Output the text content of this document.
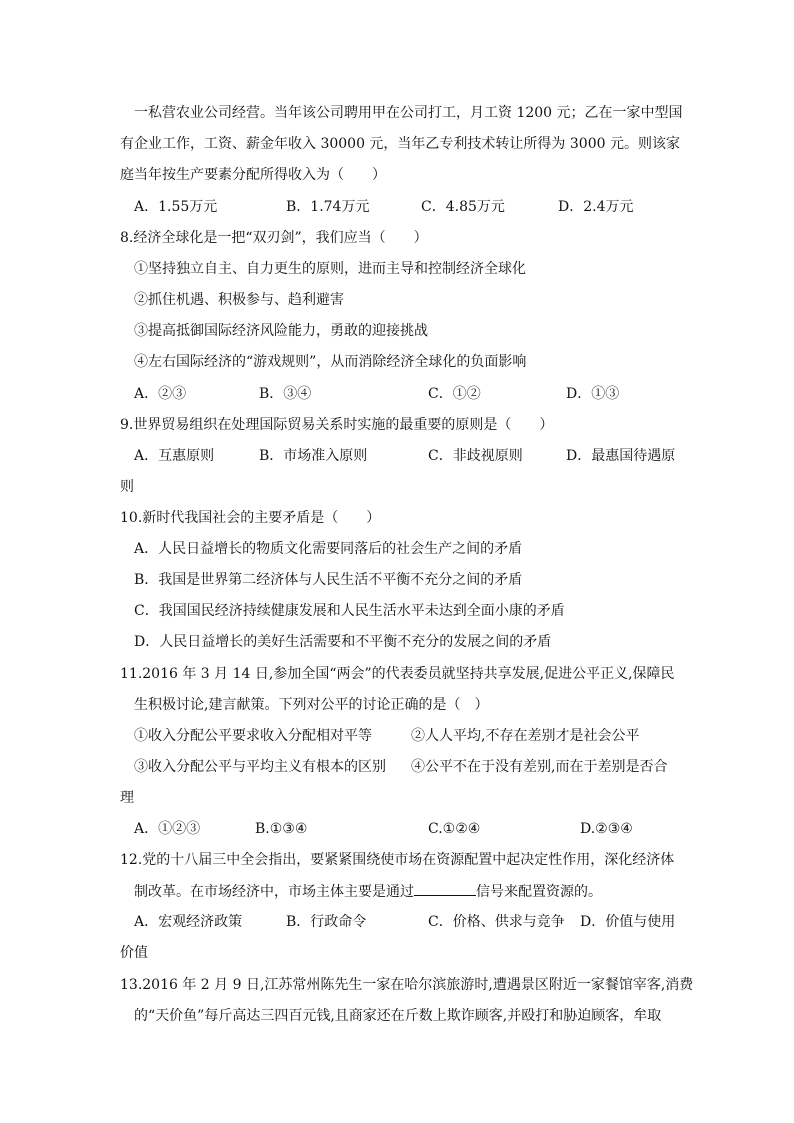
一私营农业公司经营。当年该公司聘用甲在公司打工，月工资 1200 元；乙在一家中型国
有企业工作，工资、薪金年收入 30000 元，当年乙专利技术转让所得为 3000 元。则该家
庭当年按生产要素分配所得收入为（　　）
A．1.55万元	B．1.74万元	C．4.85万元	D．2.4万元
8.经济全球化是一把“双刃剑”，我们应当（　　）
①坚持独立自主、自力更生的原则，进而主导和控制经济全球化
②抓住机遇、积极参与、趋利避害
③提高抵御国际经济风险能力，勇敢的迎接挑战
④左右国际经济的“游戏规则”，从而消除经济全球化的负面影响
A．②③	B．③④	C．①②	D．①③
9.世界贸易组织在处理国际贸易关系时实施的最重要的原则是（　　）
A．互惠原则	B．市场准入原则	C．非歧视原则	D．最惠国待遇原
则
10.新时代我国社会的主要矛盾是（　　）
A．人民日益增长的物质文化需要同落后的社会生产之间的矛盾
B．我国是世界第二经济体与人民生活不平衡不充分之间的矛盾
C．我国国民经济持续健康发展和人民生活水平未达到全面小康的矛盾
D．人民日益增长的美好生活需要和不平衡不充分的发展之间的矛盾
11.2016 年 3 月 14 日,参加全国“两会”的代表委员就坚持共享发展,促进公平正义,保障民
生积极讨论,建言献策。下列对公平的讨论正确的是（　）
①收入分配公平要求收入分配相对平等	②人人平均,不存在差别才是社会公平
③收入分配公平与平均主义有根本的区别 ④公平不在于没有差别,而在于差别是否合
理
A．①②③	B.①③④	C.①②④	D.②③④
12.党的十八届三中全会指出，要紧紧围绕使市场在资源配置中起决定性作用，深化经济体
制改革。在市场经济中，市场主体主要是通过	信号来配置资源的。
A．宏观经济政策	B．行政命令	C．价格、供求与竞争 D．价值与使用
价值
13.2016 年 2 月 9 日,江苏常州陈先生一家在哈尔滨旅游时,遭遇景区附近一家餐馆宰客,消费
的“天价鱼”每斤高达三四百元钱,且商家还在斤数上欺诈顾客,并殴打和胁迫顾客，牟取
